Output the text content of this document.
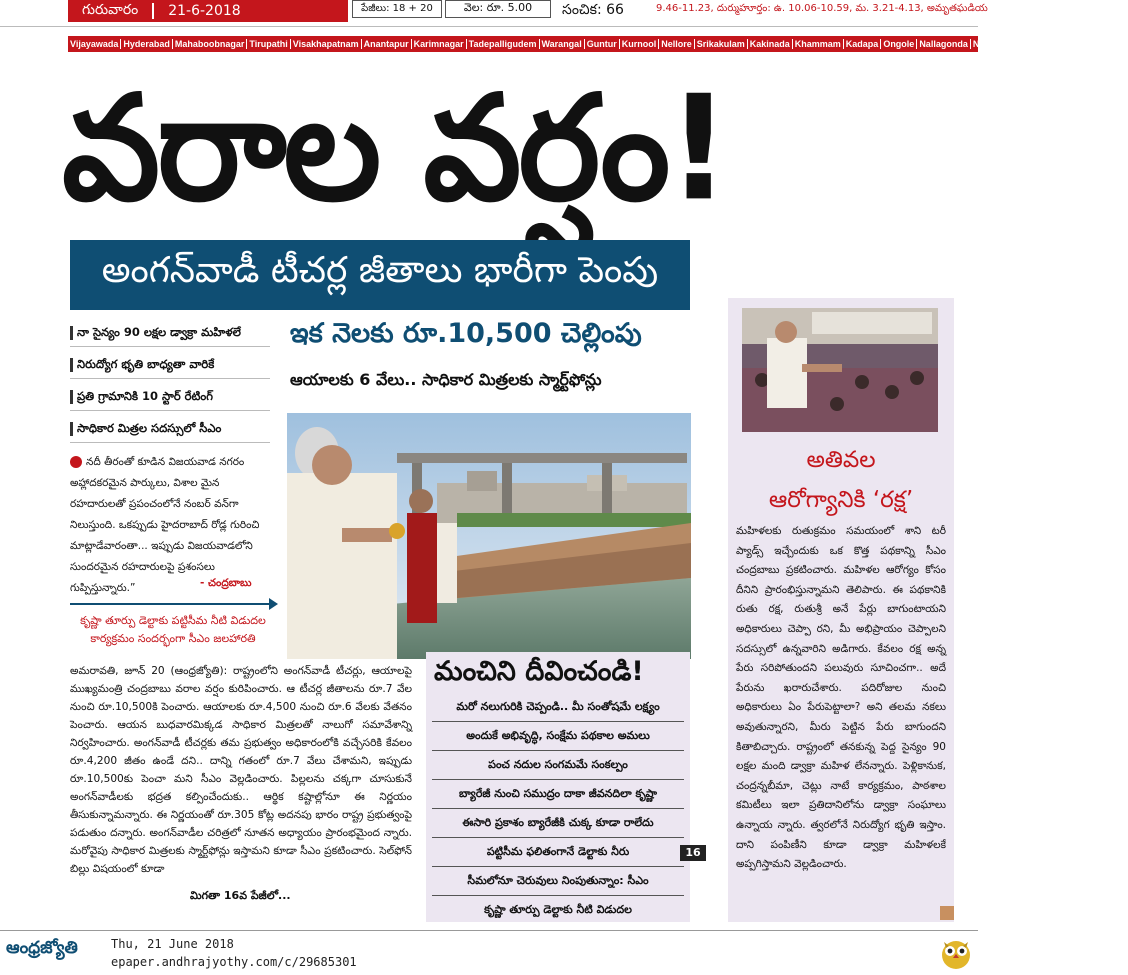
గురువారం	21-6-2018	పేజీలు: 18 + 20	వెల: రూ. 5.00	సంచిక: 66	9.46-11.23, దుర్ముహూర్తం: ఉ. 10.06-10.59, మ. 3.21-4.13, అమృతఘడియ
Vijayawada Hyderabad Mahaboobnagar Tirupathi Visakhapatnam Anantapur Karimnagar Tadepalligudem Warangal Guntur Kurnool Nellore Srikakulam Kakinada Khammam Kadapa Ongole Nallagonda Nizamabad Bangalore and Chennai
వరాల వర్షం!
అంగన్‌వాడీ టీచర్ల జీతాలు భారీగా పెంపు
నా సైన్యం 90 లక్షల డ్వాక్రా మహిళలే
నిరుద్యోగ భృతి బాధ్యతా వారికే
ప్రతి గ్రామానికి 10 స్టార్ రేటింగ్
సాధికార మిత్రల సదస్సులో సీఎం
ఇక నెలకు రూ.10,500 చెల్లింపు
ఆయాలకు 6 వేలు.. సాధికార మిత్రలకు స్మార్ట్‌ఫోన్లు
నదీ తీరంతో కూడిన విజయవాడ నగరం అహ్లాదకరమైన పార్కులు, విశాల మైన రహదారులతో ప్రపంచంలోనే నంబర్ వన్‌గా నిలుస్తుంది. ఒకప్పుడు హైదరాబాద్ రోడ్ల గురించి మాట్లాడేవారంతా... ఇప్పుడు విజయవాడలోని సుందరమైన రహదారులపై ప్రశంసలు గుప్పిస్తున్నారు.”	- చంద్రబాబు
కృష్ణా తూర్పు డెల్టాకు పట్టిసీమ నీటి విడుదల కార్యక్రమం సందర్భంగా సీఎం జలహారతి
అమరావతి, జూన్ 20 (ఆంధ్రజ్యోతి): రాష్ట్రంలోని అంగన్‌వాడీ టీచర్లు, ఆయాలపై ముఖ్యమంత్రి చంద్రబాబు వరాల వర్షం కురిపించారు. ఆ టీచర్ల జీతాలను రూ.7 వేల నుంచి రూ.10,500కి పెంచారు. ఆయాలకు రూ.4,500 నుంచి రూ.6 వేలకు వేతనం పెంచారు. ఆయన బుధవారమిక్కడ సాధికార మిత్రలతో నాలుగో సమావేశాన్ని నిర్వహించారు. అంగన్‌వాడీ టీచర్లకు తమ ప్రభుత్వం అధికారంలోకి వచ్చేసరికి కేవలం రూ.4,200 జీతం ఉండే దని.. దాన్ని గతంలో రూ.7 వేలు చేశామని, ఇప్పుడు రూ.10,500కు పెంచా మని సీఎం వెల్లడించారు. పిల్లలను చక్కగా చూసుకునే అంగన్‌వాడీలకు భద్రత కల్పించేందుకు.. ఆర్థిక కష్టాల్లోనూ ఈ నిర్ణయం తీసుకున్నామన్నారు. ఈ నిర్ణయంతో రూ.305 కోట్ల అదనపు భారం రాష్ట్ర ప్రభుత్వంపై పడుతుం దన్నారు. అంగన్‌వాడీల చరిత్రలో నూతన అధ్యాయం ప్రారంభమైంద న్నారు. మరోవైపు సాధికార మిత్రలకు స్మార్ట్‌ఫోన్లు ఇస్తామని కూడా సీఎం ప్రకటించారు. సెల్‌ఫోన్ బిల్లు విషయంలో కూడా
మిగతా 16వ పేజీలో...
మంచిని దీవించండి!
మరో నలుగురికి చెప్పండి.. మీ సంతోషమే లక్ష్యం
అందుకే అభివృద్ధి, సంక్షేమ పథకాల అమలు
పంచ నదుల సంగమమే సంకల్పం
బ్యారేజీ నుంచి సముద్రం దాకా జీవనదిలా కృష్ణా
ఈసారి ప్రకాశం బ్యారేజీకి చుక్క కూడా రాలేదు
పట్టిసీమ ఫలితంగానే డెల్టాకు నీరు
సీమలోనూ చెరువులు నింపుతున్నాం: సీఎం
కృష్ణా తూర్పు డెల్టాకు నీటి విడుదల
16
అతివల
ఆరోగ్యానికి ‘రక్ష’
మహిళలకు రుతుక్రమం సమయంలో శాని టరీ ప్యాడ్స్ ఇచ్చేందుకు ఒక కొత్త పథకాన్ని సీఎం చంద్రబాబు ప్రకటించారు. మహిళల ఆరోగ్యం కోసం దీనిని ప్రారంభిస్తున్నామని తెలిపారు. ఈ పథకానికి రుతు రక్ష, రుతుశ్రీ అనే పేర్లు బాగుంటాయని అధికారులు చెప్పా రని, మీ అభిప్రాయం చెప్పాలని సదస్సులో ఉన్నవారిని అడిగారు. కేవలం రక్ష అన్న పేరు సరిపోతుందని పలువురు సూచించగా.. అదే పేరును ఖరారుచేశారు. పదిరోజుల నుంచి అధికారులు ఏం పేరుపెట్టాలా? అని తలమ నకలు అవుతున్నారని, మీరు పెట్టిన పేరు బాగుందని కితాబిచ్చారు. రాష్ట్రంలో తనకున్న పెద్ద సైన్యం 90 లక్షల మంది డ్వాక్రా మహిళ లేనన్నారు. పెళ్లికానుక, చంద్రన్నబీమా, చెట్లు నాటే కార్యక్రమం, పాఠశాల కమిటీలు ఇలా ప్రతిదానిలోను డ్వాక్రా సంఘాలు ఉన్నాయ న్నారు. త్వరలోనే నిరుద్యోగ భృతి ఇస్తాం. దాని పంపిణీని కూడా డ్వాక్రా మహిళలకే అప్పగిస్తామని వెల్లడించారు.
ఆంధ్రజ్యోతి	Thu, 21 June 2018
epaper.andhrajyothy.com/c/29685301
